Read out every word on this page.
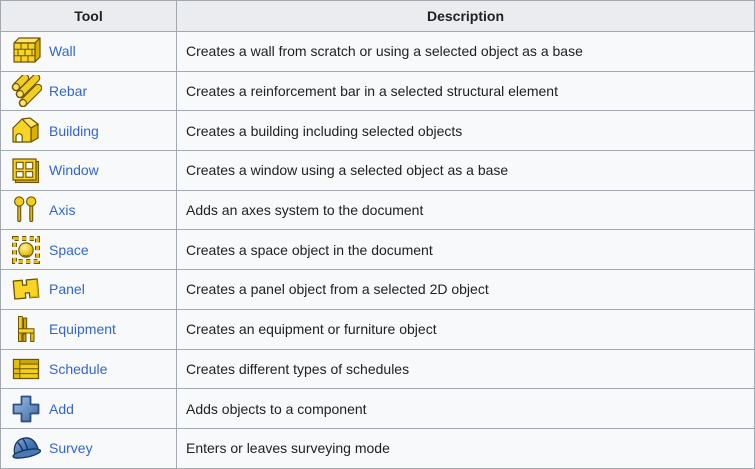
Tool	Description

Wall	Creates a wall from scratch or using a selected object as a base

Rebar	Creates a reinforcement bar in a selected structural element

Building	Creates a building including selected objects

Window	Creates a window using a selected object as a base

Axis	Adds an axes system to the document

Space	Creates a space object in the document

Panel	Creates a panel object from a selected 2D object

Equipment	Creates an equipment or furniture object

Schedule	Creates different types of schedules

Add	Adds objects to a component

Survey	Enters or leaves surveying mode
